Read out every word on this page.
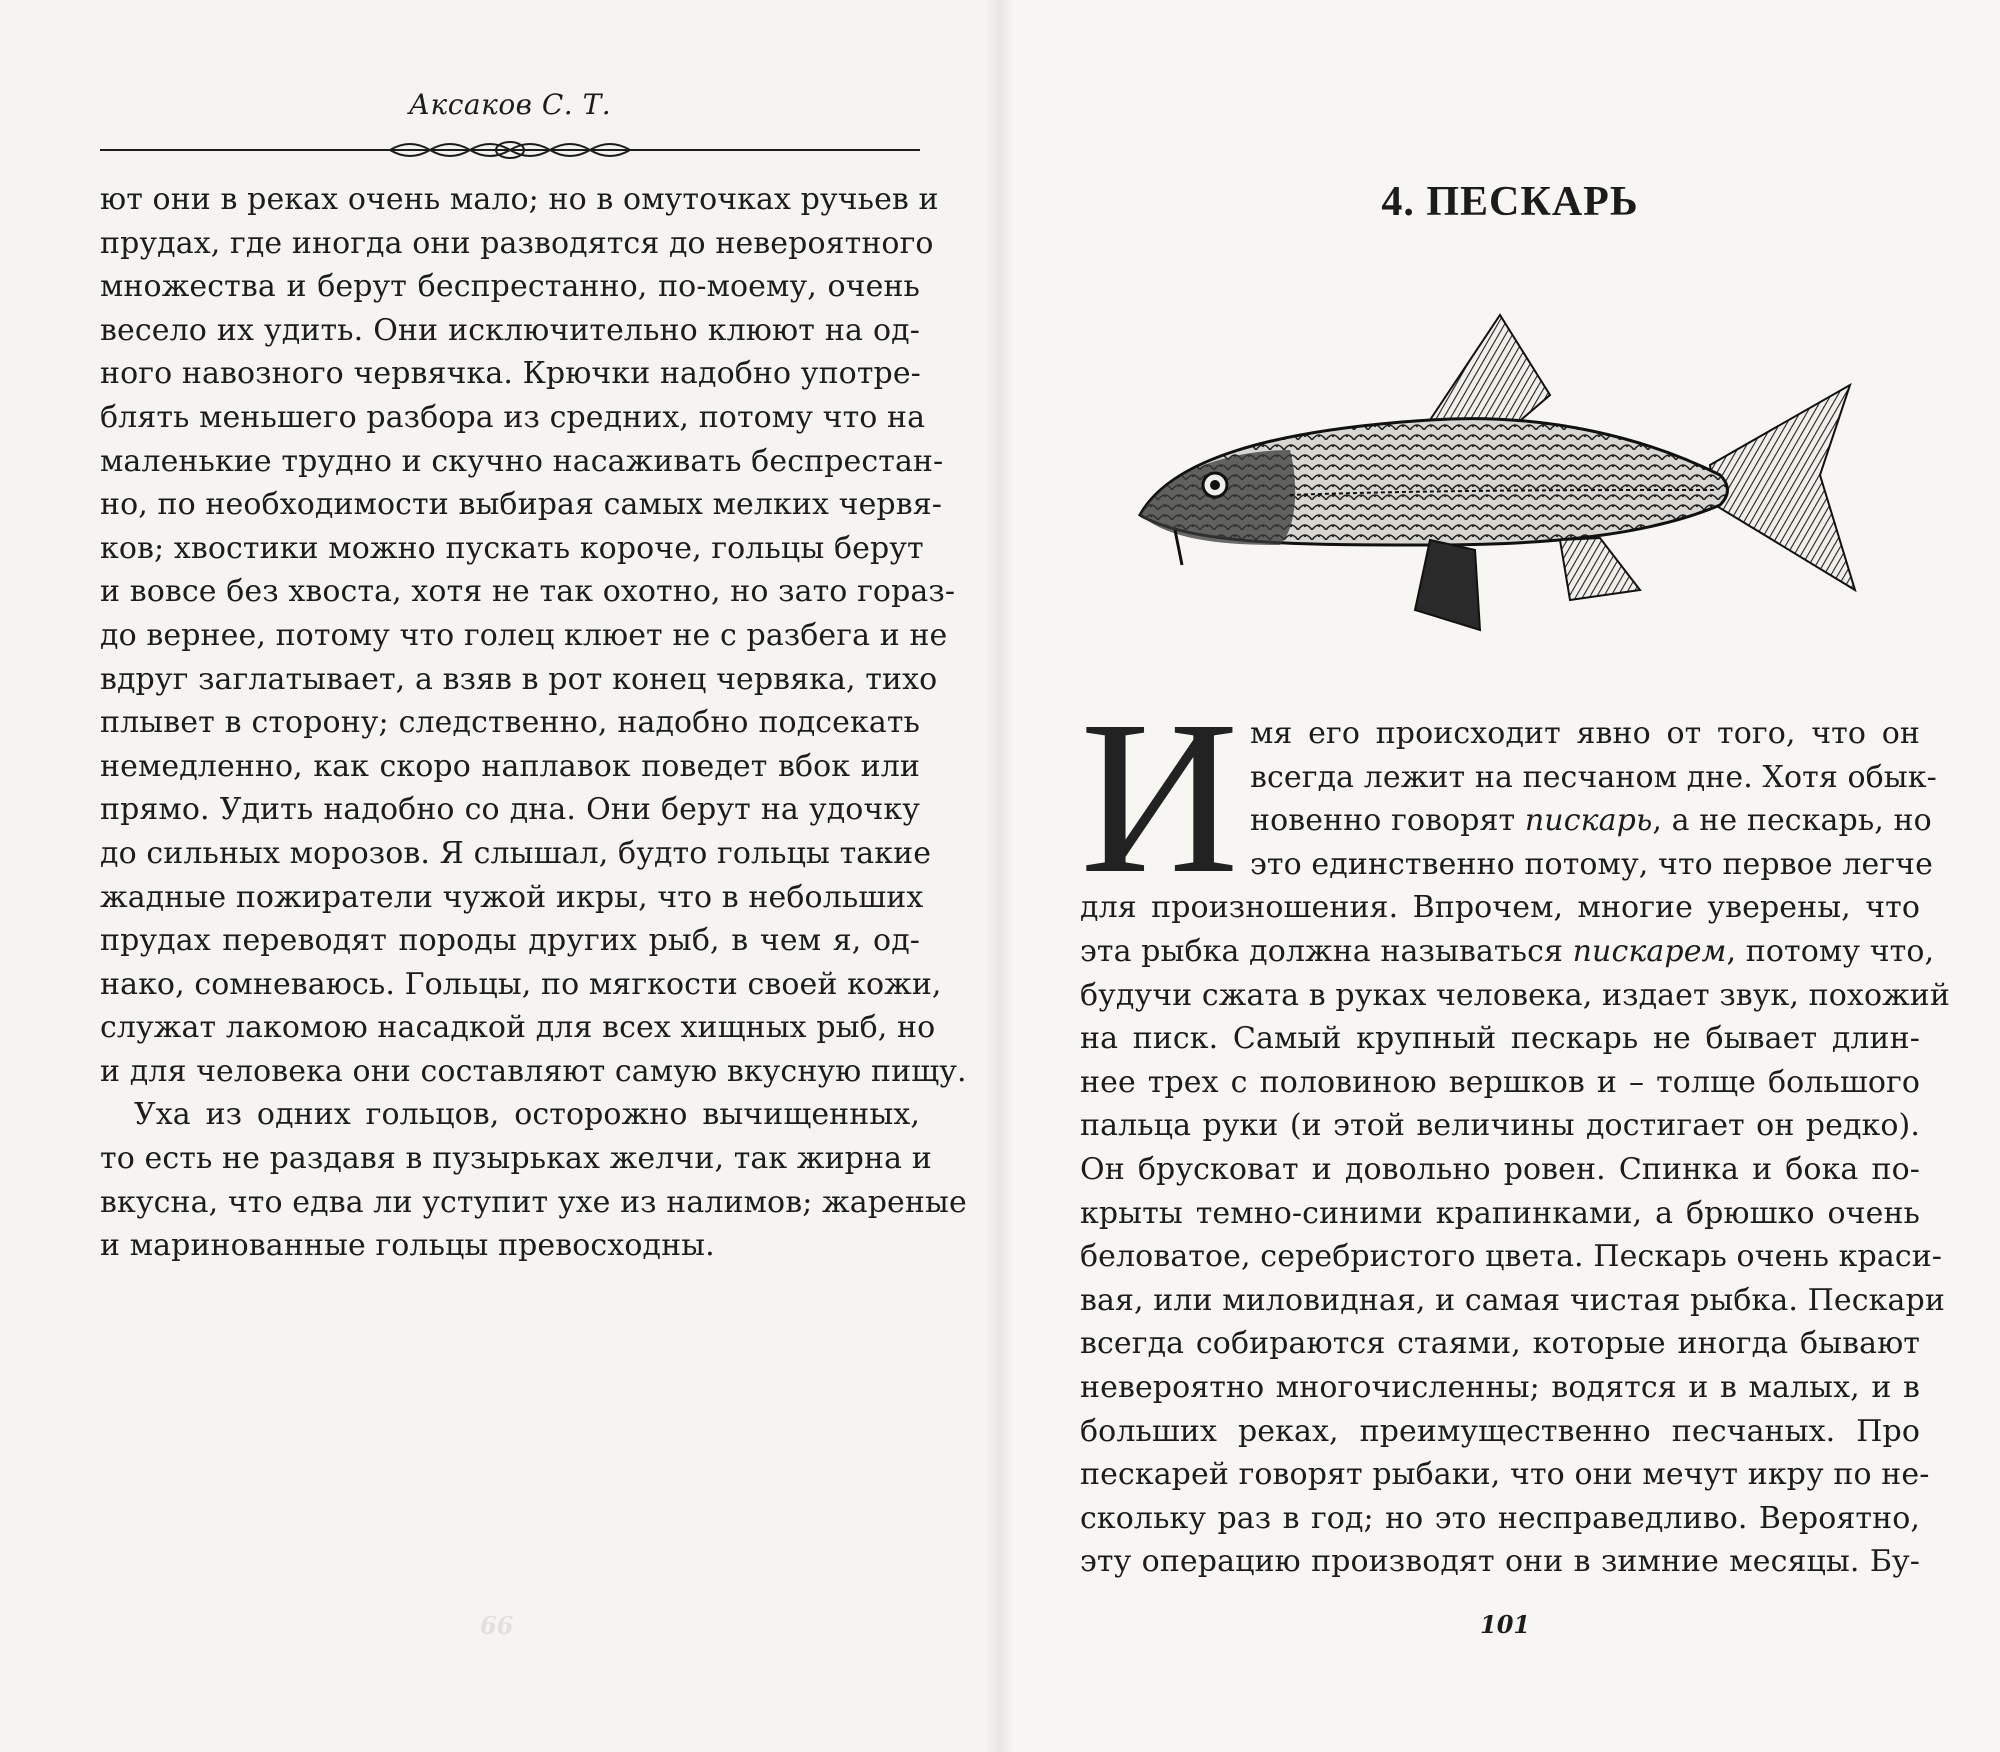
Аксаков С. Т.
ют они в реках очень мало; но в омуточках ручьев и
прудах, где иногда они разводятся до невероятного
множества и берут беспрестанно, по-моему, очень
весело их удить. Они исключительно клюют на од-
ного навозного червячка. Крючки надобно употре-
блять меньшего разбора из средних, потому что на
маленькие трудно и скучно насаживать беспрестан-
но, по необходимости выбирая самых мелких червя-
ков; хвостики можно пускать короче, гольцы берут
и вовсе без хвоста, хотя не так охотно, но зато гораз-
до вернее, потому что голец клюет не с разбега и не
вдруг заглатывает, а взяв в рот конец червяка, тихо
плывет в сторону; следственно, надобно подсекать
немедленно, как скоро наплавок поведет вбок или
прямо. Удить надобно со дна. Они берут на удочку
до сильных морозов. Я слышал, будто гольцы такие
жадные пожиратели чужой икры, что в небольших
прудах переводят породы других рыб, в чем я, од-
нако, сомневаюсь. Гольцы, по мягкости своей кожи,
служат лакомою насадкой для всех хищных рыб, но
и для человека они составляют самую вкусную пищу.
Уха из одних гольцов, осторожно вычищенных,
то есть не раздавя в пузырьках желчи, так жирна и
вкусна, что едва ли уступит ухе из налимов; жареные
и маринованные гольцы превосходны.
99
4. ПЕСКАРЬ
И мя его происходит явно от того, что он
всегда лежит на песчаном дне. Хотя обык-
новенно говорят пискарь, а не пескарь, но
это единственно потому, что первое легче
для произношения. Впрочем, многие уверены, что
эта рыбка должна называться пискарем, потому что,
будучи сжата в руках человека, издает звук, похожий
на писк. Самый крупный пескарь не бывает длин-
нее трех с половиною вершков и – толще большого
пальца руки (и этой величины достигает он редко).
Он брусковат и довольно ровен. Спинка и бока по-
крыты темно-синими крапинками, а брюшко очень
беловатое, серебристого цвета. Пескарь очень краси-
вая, или миловидная, и самая чистая рыбка. Пескари
всегда собираются стаями, которые иногда бывают
невероятно многочисленны; водятся и в малых, и в
больших реках, преимущественно песчаных. Про
пескарей говорят рыбаки, что они мечут икру по не-
скольку раз в год; но это несправедливо. Вероятно,
эту операцию производят они в зимние месяцы. Бу-
101
